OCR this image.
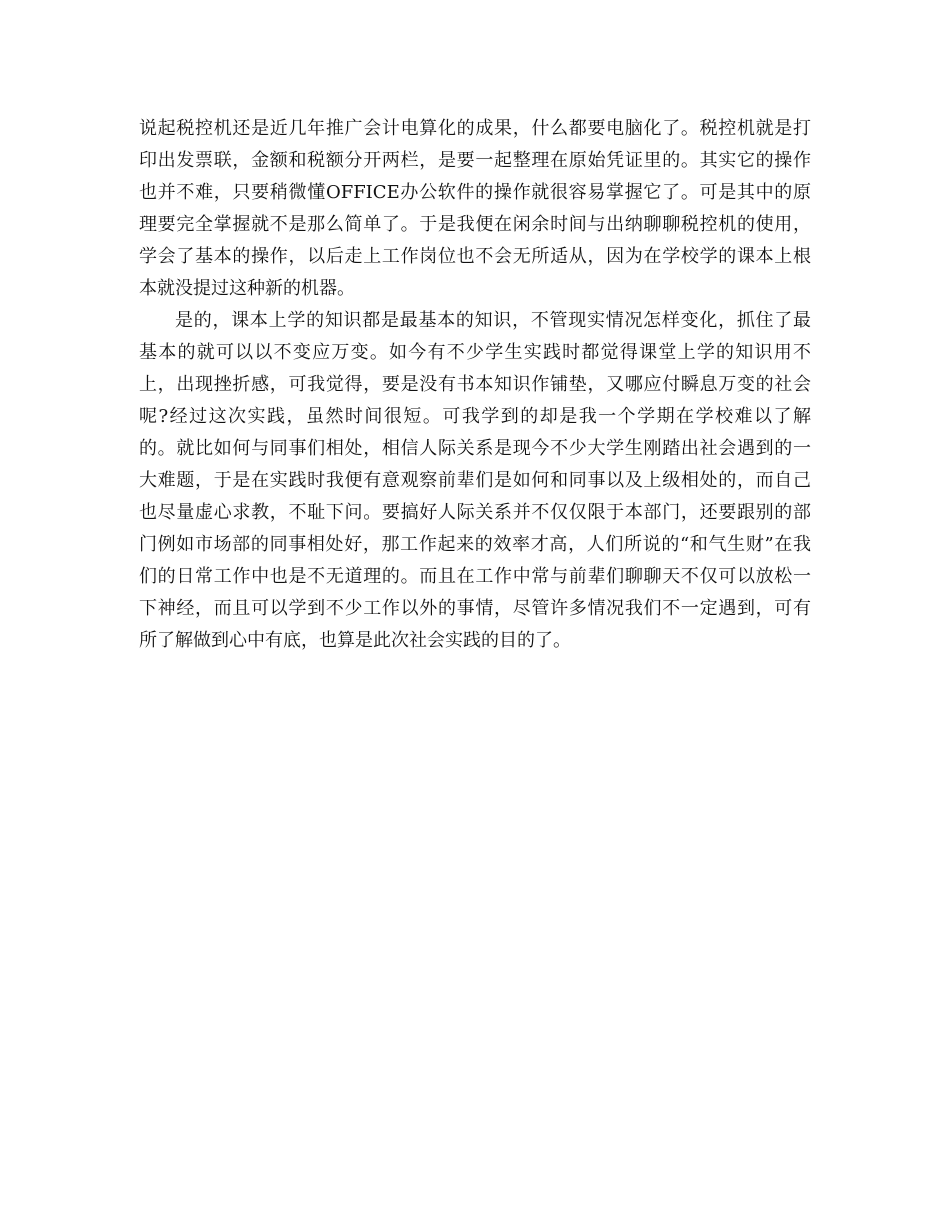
说起税控机还是近几年推广会计电算化的成果，什么都要电脑化了。税控机就是打
印出发票联，金额和税额分开两栏，是要一起整理在原始凭证里的。其实它的操作
也并不难，只要稍微懂OFFICE办公软件的操作就很容易掌握它了。可是其中的原
理要完全掌握就不是那么简单了。于是我便在闲余时间与出纳聊聊税控机的使用，
学会了基本的操作，以后走上工作岗位也不会无所适从，因为在学校学的课本上根
本就没提过这种新的机器。
是的，课本上学的知识都是最基本的知识，不管现实情况怎样变化，抓住了最
基本的就可以以不变应万变。如今有不少学生实践时都觉得课堂上学的知识用不
上，出现挫折感，可我觉得，要是没有书本知识作铺垫，又哪应付瞬息万变的社会
呢?经过这次实践，虽然时间很短。可我学到的却是我一个学期在学校难以了解
的。就比如何与同事们相处，相信人际关系是现今不少大学生刚踏出社会遇到的一
大难题，于是在实践时我便有意观察前辈们是如何和同事以及上级相处的，而自己
也尽量虚心求教，不耻下问。要搞好人际关系并不仅仅限于本部门，还要跟别的部
门例如市场部的同事相处好，那工作起来的效率才高，人们所说的“和气生财”在我
们的日常工作中也是不无道理的。而且在工作中常与前辈们聊聊天不仅可以放松一
下神经，而且可以学到不少工作以外的事情，尽管许多情况我们不一定遇到，可有
所了解做到心中有底，也算是此次社会实践的目的了。
